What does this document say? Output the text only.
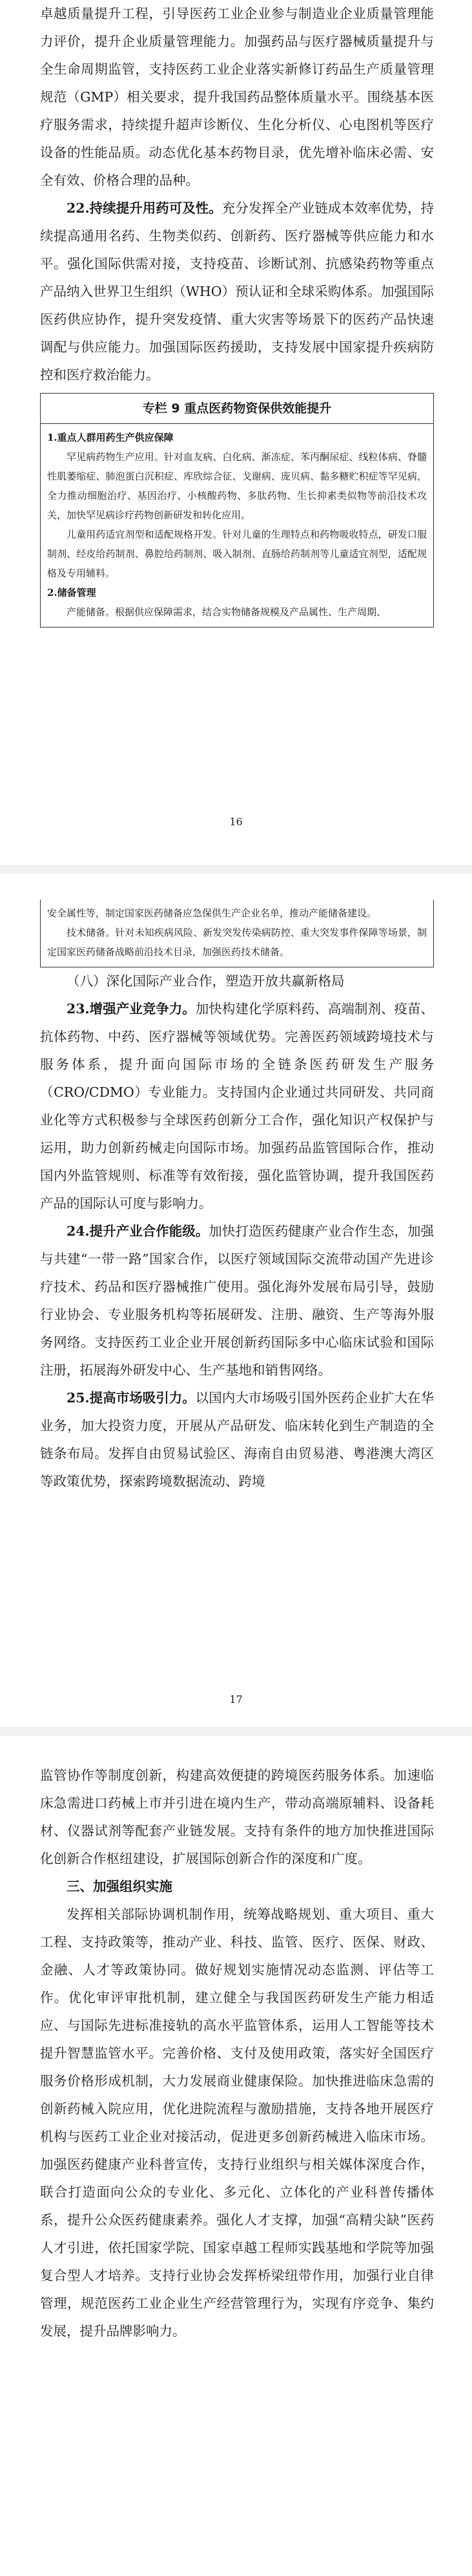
卓越质量提升工程，引导医药工业企业参与制造业企业质量管理能力评价，提升企业质量管理能力。加强药品与医疗器械质量提升与全生命周期监管，支持医药工业企业落实新修订药品生产质量管理规范（GMP）相关要求，提升我国药品整体质量水平。围绕基本医疗服务需求，持续提升超声诊断仪、生化分析仪、心电图机等医疗设备的性能品质。动态优化基本药物目录，优先增补临床必需、安全有效、价格合理的品种。

22.持续提升用药可及性。充分发挥全产业链成本效率优势，持续提高通用名药、生物类似药、创新药、医疗器械等供应能力和水平。强化国际供需对接，支持疫苗、诊断试剂、抗感染药物等重点产品纳入世界卫生组织（WHO）预认证和全球采购体系。加强国际医药供应协作，提升突发疫情、重大灾害等场景下的医药产品快速调配与供应能力。加强国际医药援助，支持发展中国家提升疾病防控和医疗救治能力。

专栏 9 重点医药物资保供效能提升

1.重点人群用药生产供应保障

罕见病药物生产应用。针对血友病、白化病、渐冻症、苯丙酮尿症、线粒体病、脊髓性肌萎缩症、肺泡蛋白沉积症、库欣综合征、戈谢病、庞贝病、黏多糖贮积症等罕见病，全力推动细胞治疗、基因治疗、小核酸药物、多肽药物、生长抑素类似物等前沿技术攻关，加快罕见病诊疗药物创新研发和转化应用。

儿童用药适宜剂型和适配规格开发。针对儿童的生理特点和药物吸收特点，研发口服制剂、经皮给药制剂、鼻腔给药制剂、吸入制剂、直肠给药制剂等儿童适宜剂型，适配规格及专用辅料。

2.储备管理

产能储备。根据供应保障需求，结合实物储备规模及产品属性、生产周期、

16

安全属性等，制定国家医药储备应急保供生产企业名单，推动产能储备建设。

技术储备。针对未知疾病风险、新发突发传染病防控、重大突发事件保障等场景，制定国家医药储备战略前沿技术目录，加强医药技术储备。

（八）深化国际产业合作，塑造开放共赢新格局

23.增强产业竞争力。加快构建化学原料药、高端制剂、疫苗、抗体药物、中药、医疗器械等领域优势。完善医药领域跨境技术与服务体系，提升面向国际市场的全链条医药研发生产服务（CRO/CDMO）专业能力。支持国内企业通过共同研发、共同商业化等方式积极参与全球医药创新分工合作，强化知识产权保护与运用，助力创新药械走向国际市场。加强药品监管国际合作，推动国内外监管规则、标准等有效衔接，强化监管协调，提升我国医药产品的国际认可度与影响力。

24.提升产业合作能级。加快打造医药健康产业合作生态，加强与共建“一带一路”国家合作，以医疗领域国际交流带动国产先进诊疗技术、药品和医疗器械推广使用。强化海外发展布局引导，鼓励行业协会、专业服务机构等拓展研发、注册、融资、生产等海外服务网络。支持医药工业企业开展创新药国际多中心临床试验和国际注册，拓展海外研发中心、生产基地和销售网络。

25.提高市场吸引力。以国内大市场吸引国外医药企业扩大在华业务，加大投资力度，开展从产品研发、临床转化到生产制造的全链条布局。发挥自由贸易试验区、海南自由贸易港、粤港澳大湾区等政策优势，探索跨境数据流动、跨境

17

监管协作等制度创新，构建高效便捷的跨境医药服务体系。加速临床急需进口药械上市并引进在境内生产，带动高端原辅料、设备耗材、仪器试剂等配套产业链发展。支持有条件的地方加快推进国际化创新合作枢纽建设，扩展国际创新合作的深度和广度。

三、加强组织实施

发挥相关部际协调机制作用，统筹战略规划、重大项目、重大工程、支持政策等，推动产业、科技、监管、医疗、医保、财政、金融、人才等政策协同。做好规划实施情况动态监测、评估等工作。优化审评审批机制，建立健全与我国医药研发生产能力相适应、与国际先进标准接轨的高水平监管体系，运用人工智能等技术提升智慧监管水平。完善价格、支付及使用政策，落实好全国医疗服务价格形成机制，大力发展商业健康保险。加快推进临床急需的创新药械入院应用，优化进院流程与激励措施，支持各地开展医疗机构与医药工业企业对接活动，促进更多创新药械进入临床市场。加强医药健康产业科普宣传，支持行业组织与相关媒体深度合作，联合打造面向公众的专业化、多元化、立体化的产业科普传播体系，提升公众医药健康素养。强化人才支撑，加强“高精尖缺”医药人才引进，依托国家学院、国家卓越工程师实践基地和学院等加强复合型人才培养。支持行业协会发挥桥梁纽带作用，加强行业自律管理，规范医药工业企业生产经营管理行为，实现有序竞争、集约发展，提升品牌影响力。
